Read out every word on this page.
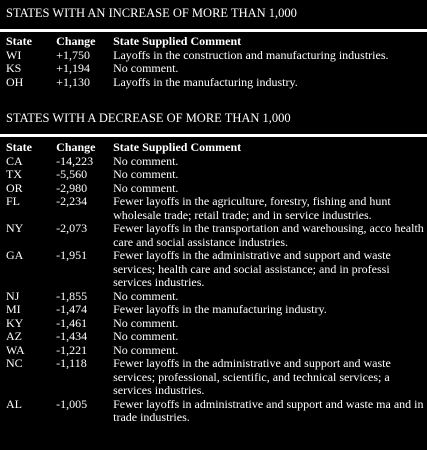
STATES WITH AN INCREASE OF MORE THAN 1,000
State	Change	State Supplied Comment
WI	+1,750	Layoffs in the construction and manufacturing industries.
KS	+1,194	No comment.
OH	+1,130	Layoffs in the manufacturing industry.
STATES WITH A DECREASE OF MORE THAN 1,000
State	Change	State Supplied Comment
CA	-14,223	No comment.
TX	-5,560	No comment.
OR	-2,980	No comment.
FL	-2,234	Fewer layoffs in the agriculture, forestry, fishing and hunt wholesale trade; retail trade; and in service industries.
NY	-2,073	Fewer layoffs in the transportation and warehousing, acco health care and social assistance industries.
GA	-1,951	Fewer layoffs in the administrative and support and waste services; health care and social assistance; and in professi services industries.
NJ	-1,855	No comment.
MI	-1,474	Fewer layoffs in the manufacturing industry.
KY	-1,461	No comment.
AZ	-1,434	No comment.
WA	-1,221	No comment.
NC	-1,118	Fewer layoffs in the administrative and support and waste services; professional, scientific, and technical services; a services industries.
AL	-1,005	Fewer layoffs in administrative and support and waste ma and in trade industries.
